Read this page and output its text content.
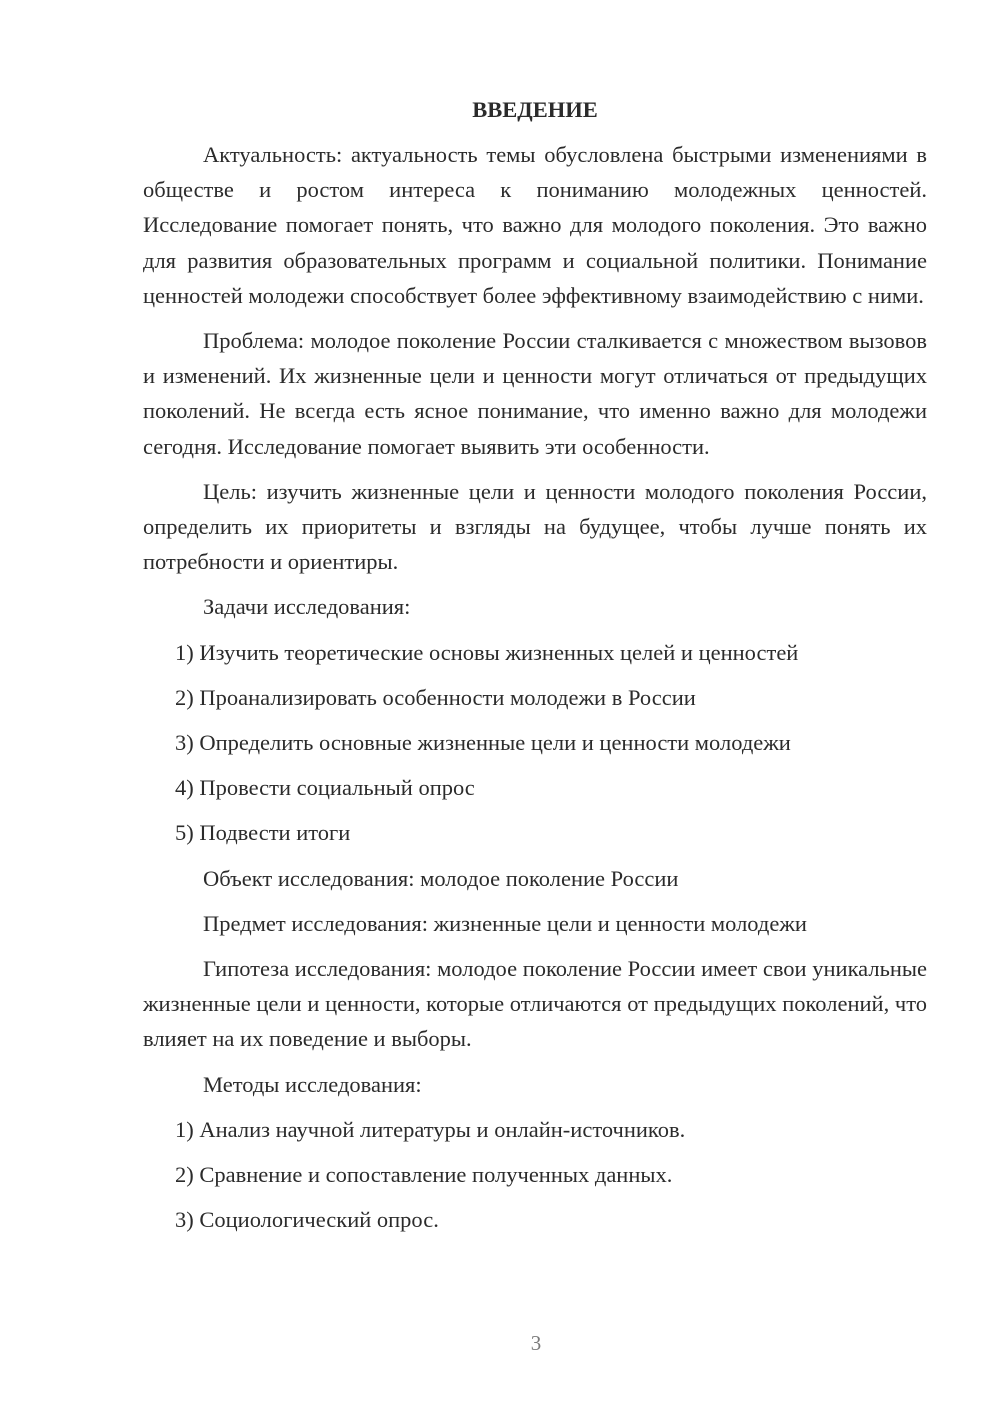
ВВЕДЕНИЕ

Актуальность: актуальность темы обусловлена быстрыми изменениями в обществе и ростом интереса к пониманию молодежных ценностей. Исследование помогает понять, что важно для молодого поколения. Это важно для развития образовательных программ и социальной политики. Понимание ценностей молодежи способствует более эффективному взаимодействию с ними.

Проблема: молодое поколение России сталкивается с множеством вызовов и изменений. Их жизненные цели и ценности могут отличаться от предыдущих поколений. Не всегда есть ясное понимание, что именно важно для молодежи сегодня. Исследование помогает выявить эти особенности.

Цель: изучить жизненные цели и ценности молодого поколения России, определить их приоритеты и взгляды на будущее, чтобы лучше понять их потребности и ориентиры.

Задачи исследования:

1) Изучить теоретические основы жизненных целей и ценностей

2) Проанализировать особенности молодежи в России

3) Определить основные жизненные цели и ценности молодежи

4) Провести социальный опрос

5) Подвести итоги

Объект исследования: молодое поколение России

Предмет исследования: жизненные цели и ценности молодежи

Гипотеза исследования: молодое поколение России имеет свои уникальные жизненные цели и ценности, которые отличаются от предыдущих поколений, что влияет на их поведение и выборы.

Методы исследования:

1) Анализ научной литературы и онлайн-источников.

2) Сравнение и сопоставление полученных данных.

3) Социологический опрос.

3
